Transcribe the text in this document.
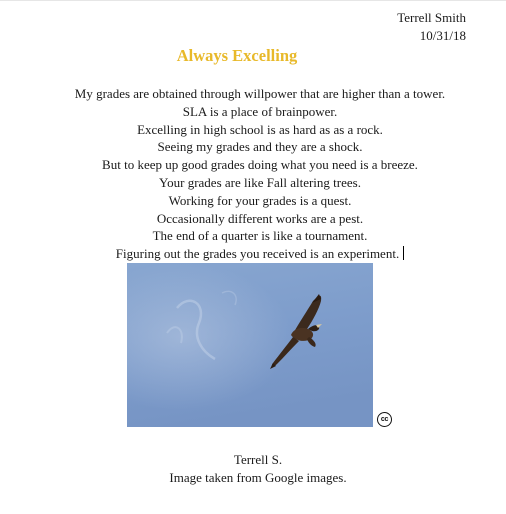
Terrell Smith
10/31/18
Always Excelling
My grades are obtained through willpower that are higher than a tower.
SLA is a place of brainpower.
Excelling in high school is as hard as as a rock.
Seeing my grades and they are a shock.
But to keep up good grades doing what you need is a breeze.
Your grades are like Fall altering trees.
Working for your grades is a quest.
Occasionally different works are a pest.
The end of a quarter is like a tournament.
Figuring out the grades you received is an experiment.
cc
Terrell S.
Image taken from Google images.
